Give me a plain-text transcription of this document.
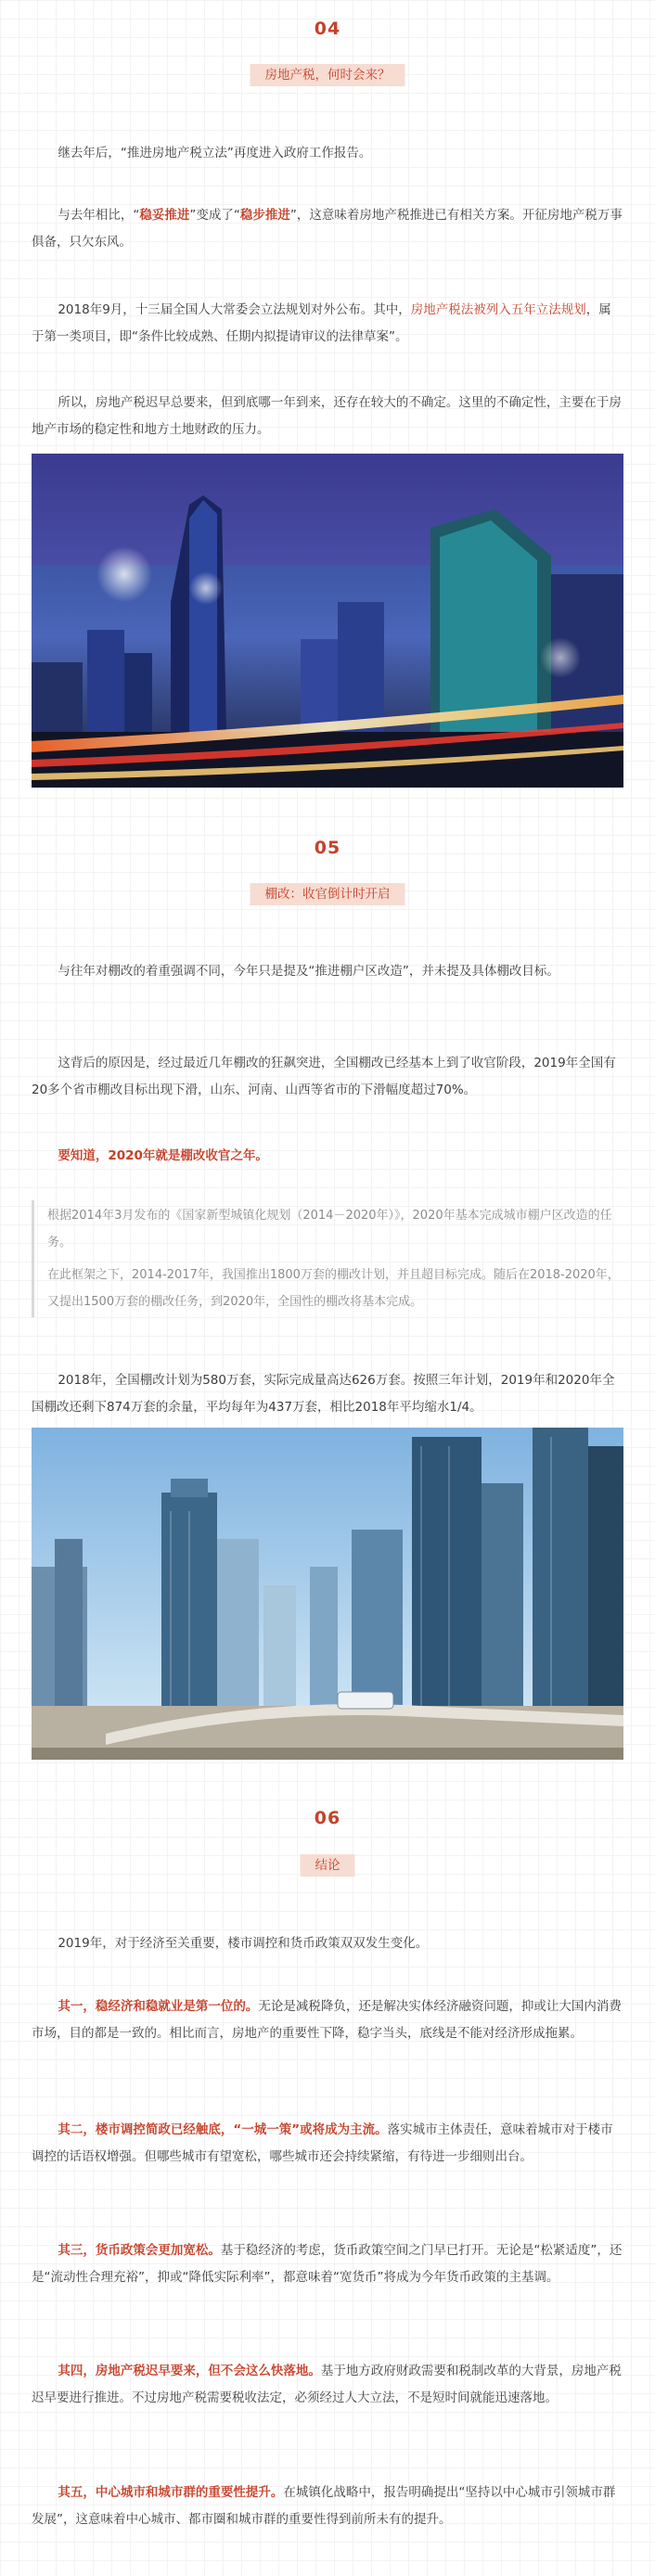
04
房地产税，何时会来？
继去年后，“推进房地产税立法”再度进入政府工作报告。
与去年相比，“稳妥推进”变成了“稳步推进”，这意味着房地产税推进已有相关方案。开征房地产税万事俱备，只欠东风。
2018年9月，十三届全国人大常委会立法规划对外公布。其中，房地产税法被列入五年立法规划，属于第一类项目，即“条件比较成熟、任期内拟提请审议的法律草案”。
所以，房地产税迟早总要来，但到底哪一年到来，还存在较大的不确定。这里的不确定性，主要在于房地产市场的稳定性和地方土地财政的压力。
05
棚改：收官倒计时开启
与往年对棚改的着重强调不同，今年只是提及“推进棚户区改造”，并未提及具体棚改目标。
这背后的原因是，经过最近几年棚改的狂飙突进，全国棚改已经基本上到了收官阶段，2019年全国有20多个省市棚改目标出现下滑，山东、河南、山西等省市的下滑幅度超过70%。
要知道，2020年就是棚改收官之年。
根据2014年3月发布的《国家新型城镇化规划（2014－2020年）》，2020年基本完成城市棚户区改造的任务。
在此框架之下，2014-2017年，我国推出1800万套的棚改计划，并且超目标完成。随后在2018-2020年，又提出1500万套的棚改任务，到2020年，全国性的棚改将基本完成。
2018年，全国棚改计划为580万套，实际完成量高达626万套。按照三年计划，2019年和2020年全国棚改还剩下874万套的余量，平均每年为437万套，相比2018年平均缩水1/4。
06
结论
2019年，对于经济至关重要，楼市调控和货币政策双双发生变化。
其一，稳经济和稳就业是第一位的。无论是减税降负，还是解决实体经济融资问题，抑或让大国内消费市场，目的都是一致的。相比而言，房地产的重要性下降，稳字当头，底线是不能对经济形成拖累。
其二，楼市调控简政已经触底，“一城一策”或将成为主流。落实城市主体责任，意味着城市对于楼市调控的话语权增强。但哪些城市有望宽松，哪些城市还会持续紧缩，有待进一步细则出台。
其三，货币政策会更加宽松。基于稳经济的考虑，货币政策空间之门早已打开。无论是“松紧适度”，还是“流动性合理充裕”，抑或“降低实际利率”，都意味着“宽货币”将成为今年货币政策的主基调。
其四，房地产税迟早要来，但不会这么快落地。基于地方政府财政需要和税制改革的大背景，房地产税迟早要进行推进。不过房地产税需要税收法定，必须经过人大立法，不是短时间就能迅速落地。
其五，中心城市和城市群的重要性提升。在城镇化战略中，报告明确提出“坚持以中心城市引领城市群发展”，这意味着中心城市、都市圈和城市群的重要性得到前所未有的提升。
